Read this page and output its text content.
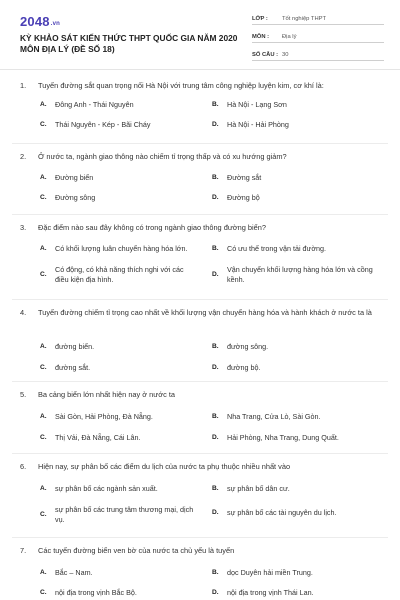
2048.vn
KỲ KHẢO SÁT KIẾN THỨC THPT QUỐC GIA NĂM 2020 MÔN ĐỊA LÝ (ĐỀ SỐ 18)
LỚP :	Tốt nghiệp THPT
MÔN :	Địa lý
SỐ CÂU : 30
1.	Tuyến đường sắt quan trọng nối Hà Nội với trung tâm công nghiệp luyện kim, cơ khí là:
A.	Đông Anh - Thái Nguyên	B.	Hà Nội - Lạng Sơn
C.	Thái Nguyên - Kép - Bãi Cháy	D.	Hà Nội - Hải Phòng
2.	Ở nước ta, ngành giao thông nào chiếm tỉ trọng thấp và có xu hướng giảm?
A.	Đường biển	B.	Đường sắt
C.	Đường sông	D.	Đường bộ
3.	Đặc điểm nào sau đây không có trong ngành giao thông đường biển?
A.	Có khối lượng luân chuyển hàng hóa lớn.	B.	Có ưu thế trong vận tải đường.
C.
Có động, có khả năng thích nghi với các điều kiện địa hình.
D.
Vận chuyển khối lượng hàng hóa lớn và cồng kềnh.
4.	Tuyến đường chiếm tỉ trọng cao nhất về khối lượng vận chuyển hàng hóa và hành khách ở nước ta là
A.	đường biển.	B.	đường sông.
C.	đường sắt.	D.	đường bộ.
5.	Ba cảng biển lớn nhất hiện nay ở nước ta
A.	Sài Gòn, Hải Phòng, Đà Nẵng.	B.	Nha Trang, Cửa Lò, Sài Gòn.
C.	Thị Vải, Đà Nẵng, Cái Lân.	D.	Hải Phòng, Nha Trang, Dung Quất.
6.	Hiện nay, sự phân bố các điểm du lịch của nước ta phụ thuộc nhiều nhất vào
A.	sự phân bố các ngành sản xuất.	B.	sự phân bố dân cư.
C.
sự phân bố các trung tâm thương mại, dịch vụ.
D.	sự phân bố các tài nguyên du lịch.
7.	Các tuyến đường biển ven bờ của nước ta chủ yếu là tuyến
A.	Bắc – Nam.	B.	dọc Duyên hải miền Trung.
C.	nội địa trong vịnh Bắc Bộ.	D.	nội địa trong vịnh Thái Lan.
